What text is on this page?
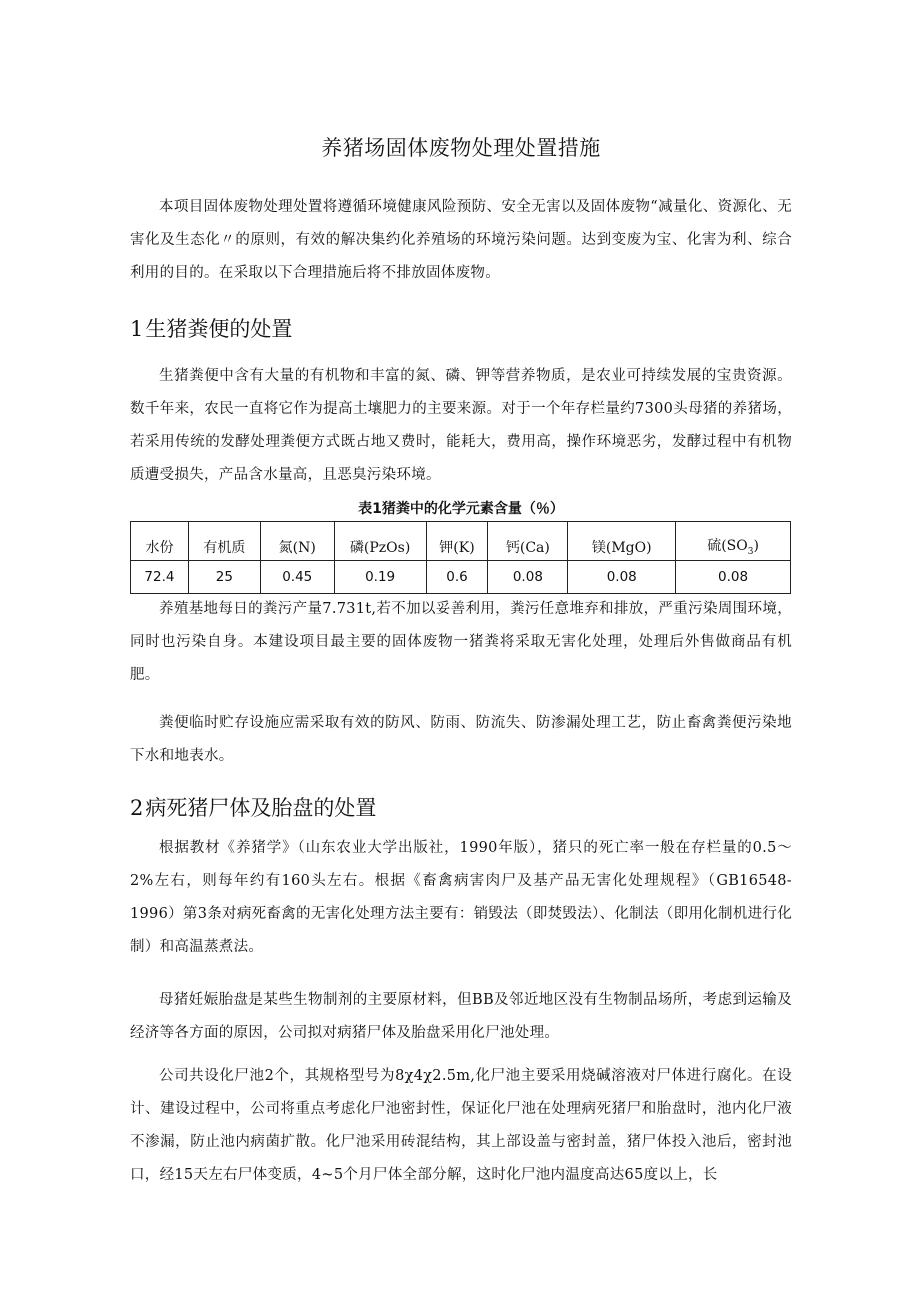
养猪场固体废物处理处置措施

本项目固体废物处理处置将遵循环境健康风险预防、安全无害以及固体废物“减量化、资源化、无害化及生态化〃的原则，有效的解决集约化养殖场的环境污染问题。达到变废为宝、化害为利、综合利用的目的。在采取以下合理措施后将不排放固体废物。

1生猪粪便的处置

生猪粪便中含有大量的有机物和丰富的氮、磷、钾等营养物质，是农业可持续发展的宝贵资源。数千年来，农民一直将它作为提高土壤肥力的主要来源。对于一个年存栏量约7300头母猪的养猪场，若采用传统的发酵处理粪便方式既占地又费时，能耗大，费用高，操作环境恶劣，发酵过程中有机物质遭受损失，产品含水量高，且恶臭污染环境。

表1猪粪中的化学元素含量（％）
水份	有机质	氮(N)	磷(PzOs)	钾(K)	钙(Ca)	镁(MgO)	硫$(SO_3)$
72.4	25	0.45	0.19	0.6	0.08	0.08	0.08

养殖基地每日的粪污产量7.731t,若不加以妥善利用，粪污任意堆弃和排放，严重污染周围环境，同时也污染自身。本建设项目最主要的固体废物一猪粪将采取无害化处理，处理后外售做商品有机肥。

粪便临时贮存设施应需采取有效的防风、防雨、防流失、防渗漏处理工艺，防止畜禽粪便污染地下水和地表水。

2病死猪尸体及胎盘的处置

根据教材《养猪学》（山东农业大学出版社，1990年版），猪只的死亡率一般在存栏量的0.5～2%左右，则每年约有160头左右。根据《畜禽病害肉尸及基产品无害化处理规程》（GB16548-1996）第3条对病死畜禽的无害化处理方法主要有：销毁法（即焚毁法）、化制法（即用化制机进行化制）和高温蒸煮法。

母猪妊娠胎盘是某些生物制剂的主要原材料，但BB及邻近地区没有生物制品场所，考虑到运输及经济等各方面的原因，公司拟对病猪尸体及胎盘采用化尸池处理。

公司共设化尸池2个，其规格型号为8χ4χ2.5m,化尸池主要采用烧碱溶液对尸体进行腐化。在设计、建设过程中，公司将重点考虑化尸池密封性，保证化尸池在处理病死猪尸和胎盘时，池内化尸液不渗漏，防止池内病菌扩散。化尸池采用砖混结构，其上部设盖与密封盖，猪尸体投入池后，密封池口，经15天左右尸体变质，4~5个月尸体全部分解，这时化尸池内温度高达65度以上，长
